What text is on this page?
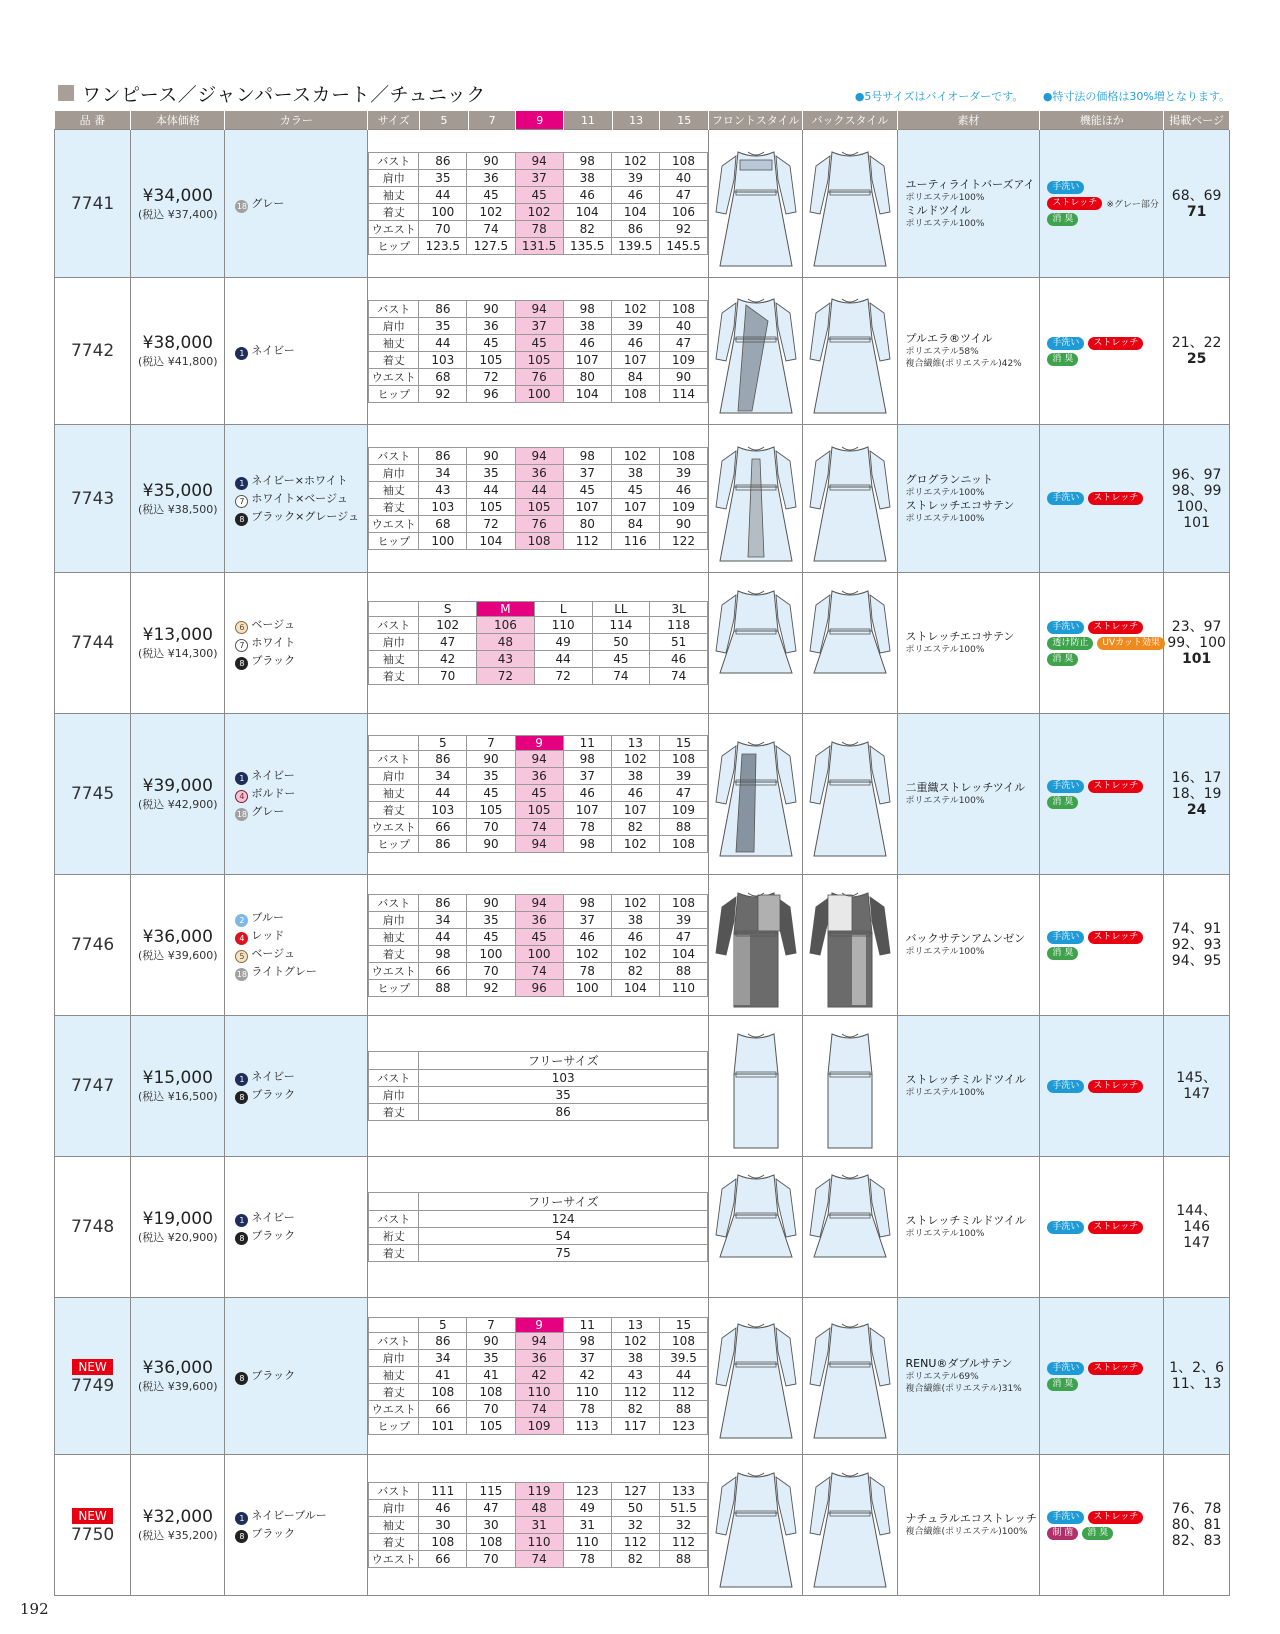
ワンピース／ジャンパースカート／チュニック	●5号サイズはバイオーダーです。 ●特寸法の価格は30%増となります。
品 番	本体価格	カラー	サイズ	5	7	9	11	13	15	フロントスタイル	バックスタイル	素材	機能ほか	掲載ページ

7741	¥34,000
(税込 ¥37,400)

18 グレー

バスト	86	90	94	98	102	108
肩巾	35	36	37	38	39	40
袖丈	44	45	45	46	46	47
着丈	100	102	102	104	104	106
ウエスト	70	74	78	82	86	92
ヒップ	123.5	127.5	131.5	135.5	139.5	145.5

ユーティライトバーズアイ
ポリエステル100%
ミルドツイル
ポリエステル100%

手洗い
ストレッチ	※グレー部分
消 臭

68、69
71

7742	¥38,000
(税込 ¥41,800)

1 ネイビー

バスト	86	90	94	98	102	108
肩巾	35	36	37	38	39	40
袖丈	44	45	45	46	46	47
着丈	103	105	105	107	107	109
ウエスト	68	72	76	80	84	90
ヒップ	92	96	100	104	108	114

プルエラ®ツイル
ポリエステル58%
複合繊維(ポリエステル)42%

手洗い	ストレッチ
消 臭

21、22
25

7743	¥35,000
(税込 ¥38,500)

1 ネイビー×ホワイト
7 ホワイト×ベージュ
8 ブラック×グレージュ

バスト	86	90	94	98	102	108
肩巾	34	35	36	37	38	39
袖丈	43	44	44	45	45	46
着丈	103	105	105	107	107	109
ウエスト	68	72	76	80	84	90
ヒップ	100	104	108	112	116	122

グログランニット
ポリエステル100%
ストレッチエコサテン
ポリエステル100%

手洗い	ストレッチ

96、97
98、99
100、101

7744	¥13,000
(税込 ¥14,300)

6 ベージュ
7 ホワイト
8 ブラック

	S	M	L	LL	3L
バスト	102	106	110	114	118
肩巾	47	48	49	50	51
袖丈	42	43	44	45	46
着丈	70	72	72	74	74

ストレッチエコサテン
ポリエステル100%

手洗い	ストレッチ
透け防止	UVカット効果
消 臭

23、97
99、100
101

7745	¥39,000
(税込 ¥42,900)

1 ネイビー
4 ボルドー
18 グレー

	5	7	9	11	13	15
バスト	86	90	94	98	102	108
肩巾	34	35	36	37	38	39
袖丈	44	45	45	46	46	47
着丈	103	105	105	107	107	109
ウエスト	66	70	74	78	82	88
ヒップ	86	90	94	98	102	108

二重織ストレッチツイル
ポリエステル100%

手洗い	ストレッチ
消 臭

16、17
18、19
24

7746	¥36,000
(税込 ¥39,600)

2 ブルー
4 レッド
5 ベージュ
18 ライトグレー

バスト	86	90	94	98	102	108
肩巾	34	35	36	37	38	39
袖丈	44	45	45	46	46	47
着丈	98	100	100	102	102	104
ウエスト	66	70	74	78	82	88
ヒップ	88	92	96	100	104	110

バックサテンアムンゼン
ポリエステル100%

手洗い	ストレッチ
消 臭

74、91
92、93
94、95

7747	¥15,000
(税込 ¥16,500)

1 ネイビー
8 ブラック

	フリーサイズ
バスト	103
肩巾	35
着丈	86

ストレッチミルドツイル
ポリエステル100%

手洗い	ストレッチ	145、147

7748	¥19,000
(税込 ¥20,900)

1 ネイビー
8 ブラック

	フリーサイズ
バスト	124
裄丈	54
着丈	75

ストレッチミルドツイル
ポリエステル100%

手洗い	ストレッチ

144、146
147

NEW
7749

¥36,000
(税込 ¥39,600)

8 ブラック

	5	7	9	11	13	15
バスト	86	90	94	98	102	108
肩巾	34	35	36	37	38	39.5
袖丈	41	41	42	42	43	44
着丈	108	108	110	110	112	112
ウエスト	66	70	74	78	82	88
ヒップ	101	105	109	113	117	123

RENU®ダブルサテン
ポリエステル69%
複合繊維(ポリエステル)31%

手洗い	ストレッチ
消 臭

1、2、6
11、13

NEW
7750

¥32,000
(税込 ¥35,200)

1 ネイビーブルー
8 ブラック

バスト	111	115	119	123	127	133
肩巾	46	47	48	49	50	51.5
袖丈	30	30	31	31	32	32
着丈	108	108	110	110	112	112
ウエスト	66	70	74	78	82	88

ナチュラルエコストレッチ
複合繊維(ポリエステル)100%

手洗い	ストレッチ
制 菌	消 臭

76、78
80、81
82、83
192
